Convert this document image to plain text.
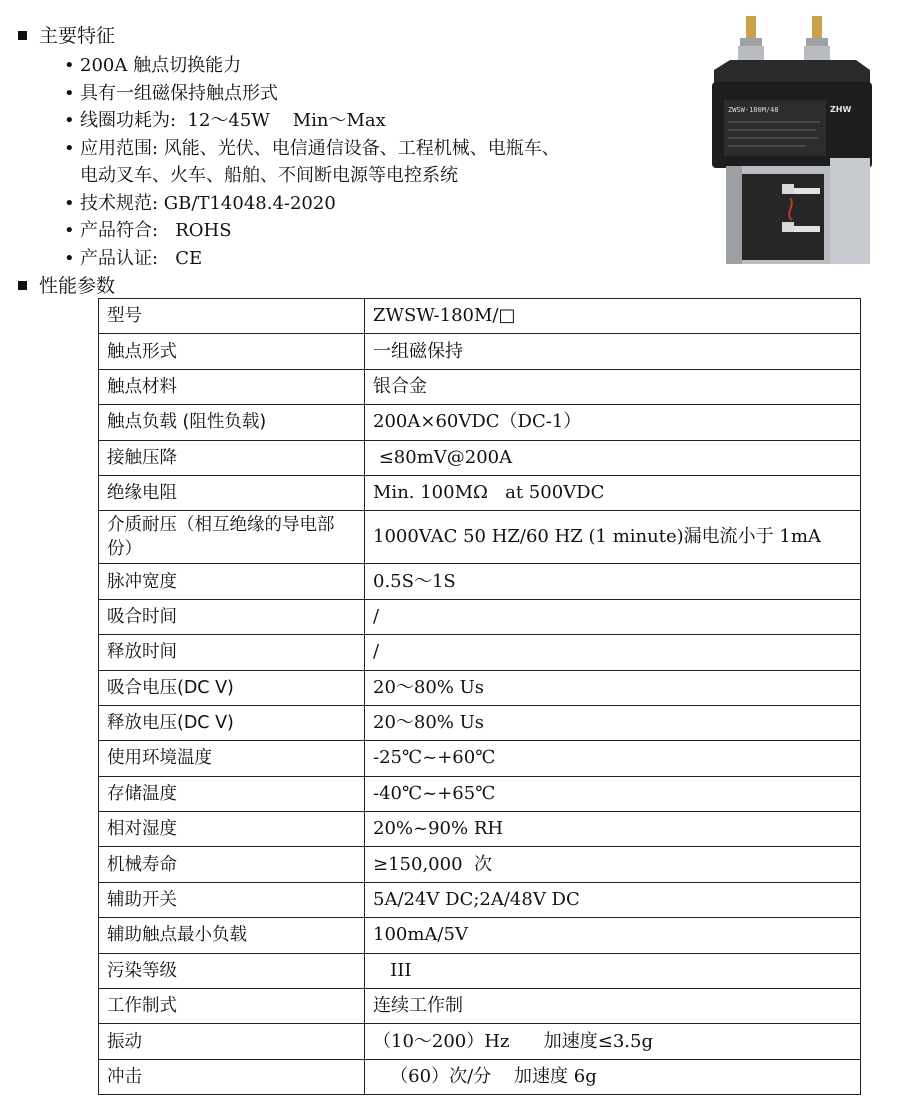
主要特征
• 200A 触点切换能力
• 具有一组磁保持触点形式
• 线圈功耗为:  12～45W    Min～Max
• 应用范围: 风能、光伏、电信通信设备、工程机械、电瓶车、
电动叉车、火车、船舶、不间断电源等电控系统
• 技术规范: GB/T14048.4-2020
• 产品符合:   ROHS
• 产品认证:   CE
ZWSW-180M/48	ZHW
性能参数
型号	ZWSW-180M/□
触点形式	一组磁保持
触点材料	银合金
触点负载 (阻性负载)	200A×60VDC（DC-1）
接触压降	≤80mV@200A
绝缘电阻	Min. 100MΩ   at 500VDC
介质耐压（相互绝缘的导电部份）	1000VAC 50 HZ/60 HZ (1 minute)漏电流小于 1mA
脉冲宽度	0.5S～1S
吸合时间	/
释放时间	/
吸合电压(DC V)	20～80% Us
释放电压(DC V)	20～80% Us
使用环境温度	-25℃~+60℃
存储温度	-40℃~+65℃
相对湿度	20%~90% RH
机械寿命	≥150,000  次
辅助开关	5A/24V DC;2A/48V DC
辅助触点最小负载	100mA/5V
污染等级	III
工作制式	连续工作制
振动	（10～200）Hz      加速度≤3.5g
冲击	（60）次/分    加速度 6g
